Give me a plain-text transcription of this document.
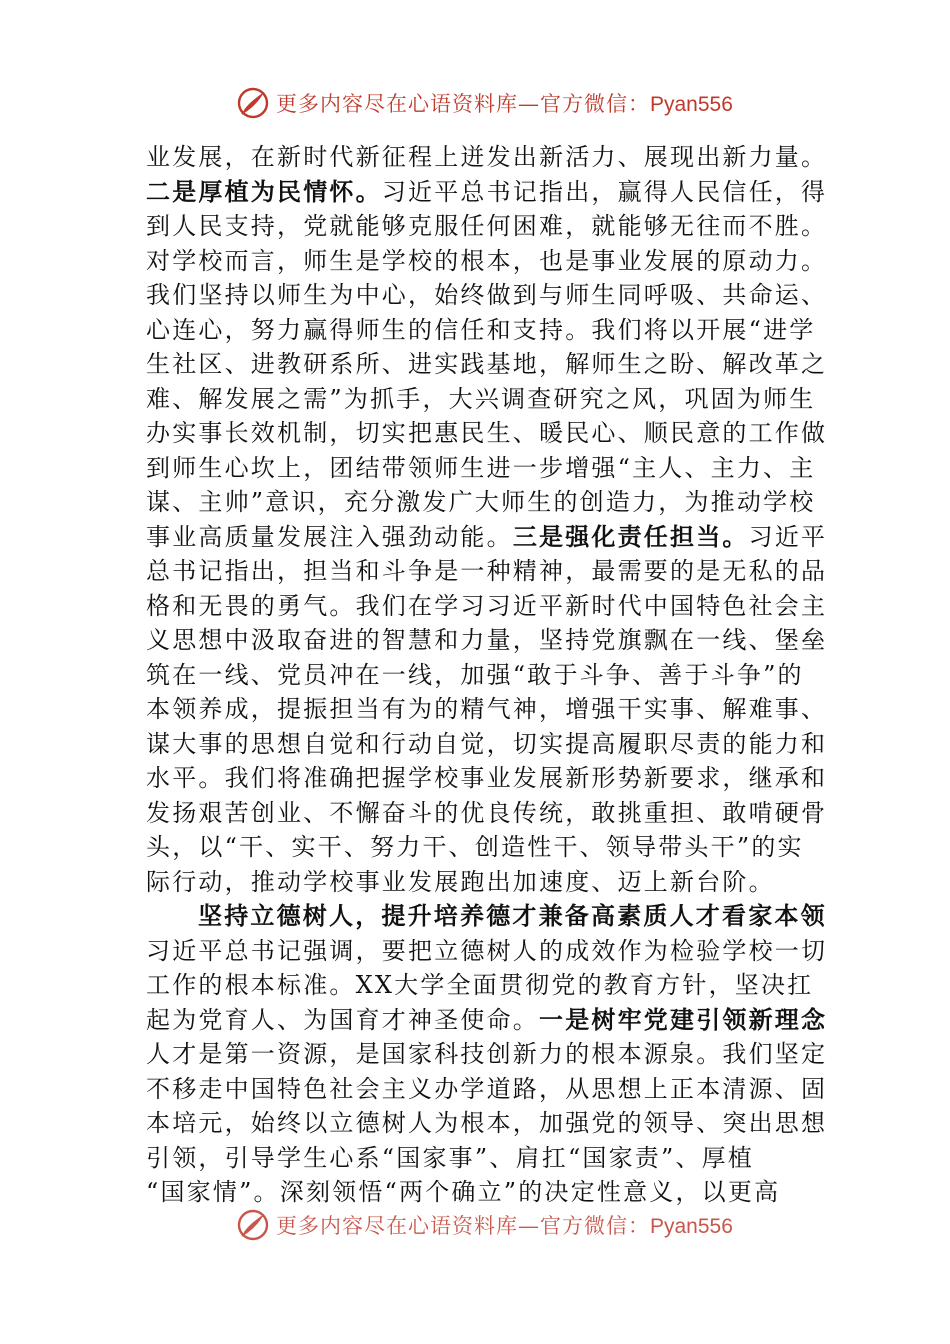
更多内容尽在心语资料库—官方微信：Pyan556
业发展，在新时代新征程上迸发出新活力、展现出新力量。
二是厚植为民情怀。习近平总书记指出，赢得人民信任，得
到人民支持，党就能够克服任何困难，就能够无往而不胜。
对学校而言，师生是学校的根本，也是事业发展的原动力。
我们坚持以师生为中心，始终做到与师生同呼吸、共命运、
心连心，努力赢得师生的信任和支持。我们将以开展“进学
生社区、进教研系所、进实践基地，解师生之盼、解改革之
难、解发展之需”为抓手，大兴调查研究之风，巩固为师生
办实事长效机制，切实把惠民生、暖民心、顺民意的工作做
到师生心坎上，团结带领师生进一步增强“主人、主力、主
谋、主帅”意识，充分激发广大师生的创造力，为推动学校
事业高质量发展注入强劲动能。三是强化责任担当。习近平
总书记指出，担当和斗争是一种精神，最需要的是无私的品
格和无畏的勇气。我们在学习习近平新时代中国特色社会主
义思想中汲取奋进的智慧和力量，坚持党旗飘在一线、堡垒
筑在一线、党员冲在一线，加强“敢于斗争、善于斗争”的
本领养成，提振担当有为的精气神，增强干实事、解难事、
谋大事的思想自觉和行动自觉，切实提高履职尽责的能力和
水平。我们将准确把握学校事业发展新形势新要求，继承和
发扬艰苦创业、不懈奋斗的优良传统，敢挑重担、敢啃硬骨
头，以“干、实干、努力干、创造性干、领导带头干”的实
际行动，推动学校事业发展跑出加速度、迈上新台阶。
坚持立德树人，提升培养德才兼备高素质人才看家本领
习近平总书记强调，要把立德树人的成效作为检验学校一切
工作的根本标准。XX大学全面贯彻党的教育方针，坚决扛
起为党育人、为国育才神圣使命。一是树牢党建引领新理念
人才是第一资源，是国家科技创新力的根本源泉。我们坚定
不移走中国特色社会主义办学道路，从思想上正本清源、固
本培元，始终以立德树人为根本，加强党的领导、突出思想
引领，引导学生心系“国家事”、肩扛“国家责”、厚植
“国家情”。深刻领悟“两个确立”的决定性意义，以更高
更多内容尽在心语资料库—官方微信：Pyan556
